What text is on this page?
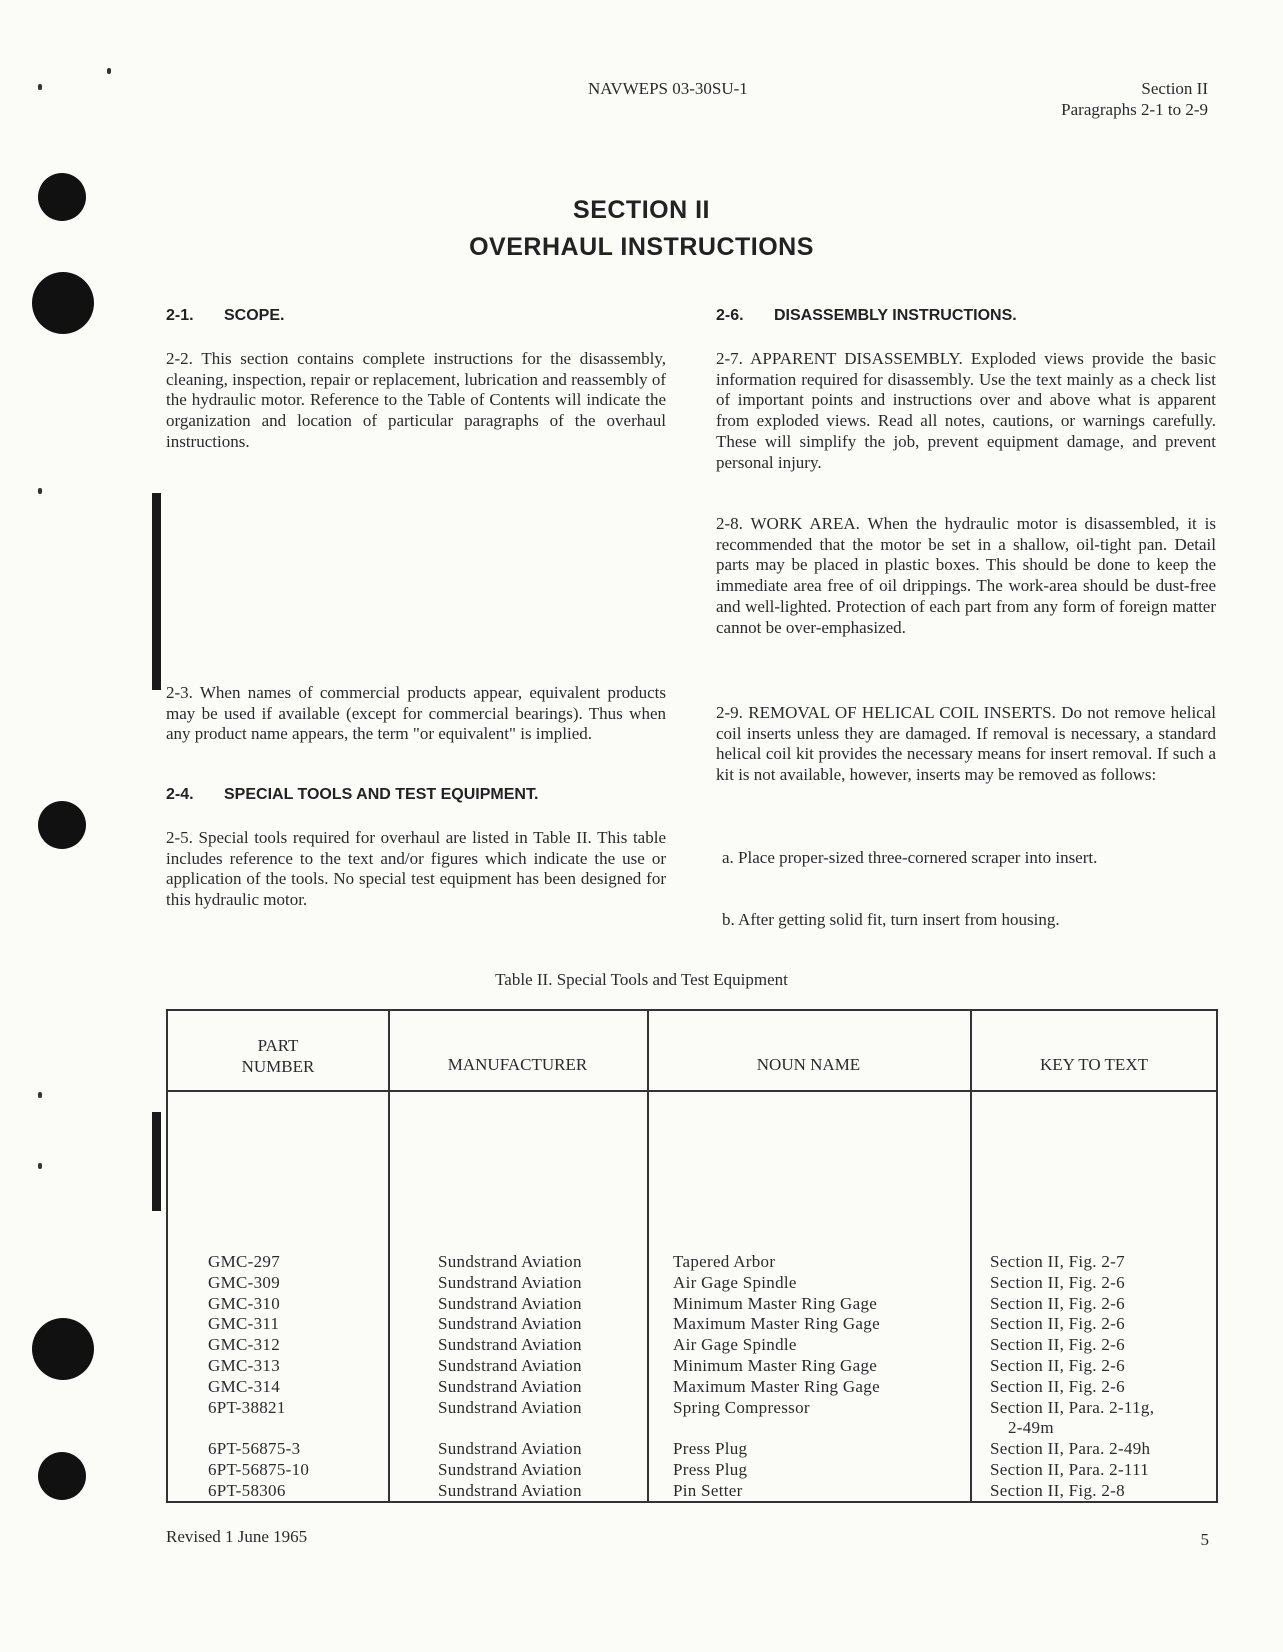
NAVWEPS 03-30SU-1	Section II
Paragraphs 2-1 to 2-9
SECTION II
OVERHAUL INSTRUCTIONS
2-1. SCOPE.

2-2. This section contains complete instructions for the disassembly, cleaning, inspection, repair or replacement, lubrication and reassembly of the hydraulic motor. Reference to the Table of Contents will indicate the organization and location of particular paragraphs of the overhaul instructions.

2-3. When names of commercial products appear, equivalent products may be used if available (except for commercial bearings). Thus when any product name appears, the term "or equivalent" is implied.

2-4. SPECIAL TOOLS AND TEST EQUIPMENT.

2-5. Special tools required for overhaul are listed in Table II. This table includes reference to the text and/or figures which indicate the use or application of the tools. No special test equipment has been designed for this hydraulic motor.

2-6. DISASSEMBLY INSTRUCTIONS.

2-7. APPARENT DISASSEMBLY. Exploded views provide the basic information required for disassembly. Use the text mainly as a check list of important points and instructions over and above what is apparent from exploded views. Read all notes, cautions, or warnings carefully. These will simplify the job, prevent equipment damage, and prevent personal injury.

2-8. WORK AREA. When the hydraulic motor is disassembled, it is recommended that the motor be set in a shallow, oil-tight pan. Detail parts may be placed in plastic boxes. This should be done to keep the immediate area free of oil drippings. The work-area should be dust-free and well-lighted. Protection of each part from any form of foreign matter cannot be over-emphasized.

2-9. REMOVAL OF HELICAL COIL INSERTS. Do not remove helical coil inserts unless they are damaged. If removal is necessary, a standard helical coil kit provides the necessary means for insert removal. If such a kit is not available, however, inserts may be removed as follows:

a. Place proper-sized three-cornered scraper into insert.

b. After getting solid fit, turn insert from housing.

Table II. Special Tools and Test Equipment
PART
NUMBER	MANUFACTURER	NOUN NAME	KEY TO TEXT
GMC-297	Sundstrand Aviation	Tapered Arbor	Section II, Fig. 2-7
GMC-309	Sundstrand Aviation	Air Gage Spindle	Section II, Fig. 2-6
GMC-310	Sundstrand Aviation	Minimum Master Ring Gage	Section II, Fig. 2-6
GMC-311	Sundstrand Aviation	Maximum Master Ring Gage	Section II, Fig. 2-6
GMC-312	Sundstrand Aviation	Air Gage Spindle	Section II, Fig. 2-6
GMC-313	Sundstrand Aviation	Minimum Master Ring Gage	Section II, Fig. 2-6
GMC-314	Sundstrand Aviation	Maximum Master Ring Gage	Section II, Fig. 2-6
6PT-38821	Sundstrand Aviation	Spring Compressor	Section II, Para. 2-11g,
2-49m
6PT-56875-3	Sundstrand Aviation	Press Plug	Section II, Para. 2-49h
6PT-56875-10	Sundstrand Aviation	Press Plug	Section II, Para. 2-111
6PT-58306	Sundstrand Aviation	Pin Setter	Section II, Fig. 2-8
Revised 1 June 1965	5
